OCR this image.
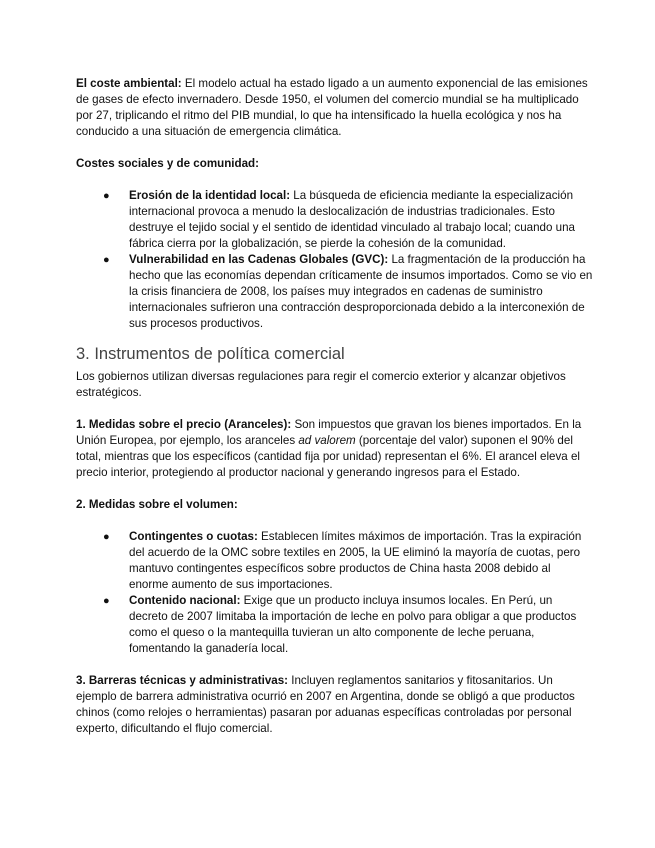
El coste ambiental: El modelo actual ha estado ligado a un aumento exponencial de las emisiones de gases de efecto invernadero. Desde 1950, el volumen del comercio mundial se ha multiplicado por 27, triplicando el ritmo del PIB mundial, lo que ha intensificado la huella ecológica y nos ha conducido a una situación de emergencia climática.

Costes sociales y de comunidad:

● Erosión de la identidad local: La búsqueda de eficiencia mediante la especialización internacional provoca a menudo la deslocalización de industrias tradicionales. Esto destruye el tejido social y el sentido de identidad vinculado al trabajo local; cuando una fábrica cierra por la globalización, se pierde la cohesión de la comunidad.
● Vulnerabilidad en las Cadenas Globales (GVC): La fragmentación de la producción ha hecho que las economías dependan críticamente de insumos importados. Como se vio en la crisis financiera de 2008, los países muy integrados en cadenas de suministro internacionales sufrieron una contracción desproporcionada debido a la interconexión de sus procesos productivos.
3. Instrumentos de política comercial

Los gobiernos utilizan diversas regulaciones para regir el comercio exterior y alcanzar objetivos estratégicos.

1. Medidas sobre el precio (Aranceles): Son impuestos que gravan los bienes importados. En la Unión Europea, por ejemplo, los aranceles ad valorem (porcentaje del valor) suponen el 90% del total, mientras que los específicos (cantidad fija por unidad) representan el 6%. El arancel eleva el precio interior, protegiendo al productor nacional y generando ingresos para el Estado.

2. Medidas sobre el volumen:

● Contingentes o cuotas: Establecen límites máximos de importación. Tras la expiración del acuerdo de la OMC sobre textiles en 2005, la UE eliminó la mayoría de cuotas, pero mantuvo contingentes específicos sobre productos de China hasta 2008 debido al enorme aumento de sus importaciones.
● Contenido nacional: Exige que un producto incluya insumos locales. En Perú, un decreto de 2007 limitaba la importación de leche en polvo para obligar a que productos como el queso o la mantequilla tuvieran un alto componente de leche peruana, fomentando la ganadería local.

3. Barreras técnicas y administrativas: Incluyen reglamentos sanitarios y fitosanitarios. Un ejemplo de barrera administrativa ocurrió en 2007 en Argentina, donde se obligó a que productos chinos (como relojes o herramientas) pasaran por aduanas específicas controladas por personal experto, dificultando el flujo comercial.
